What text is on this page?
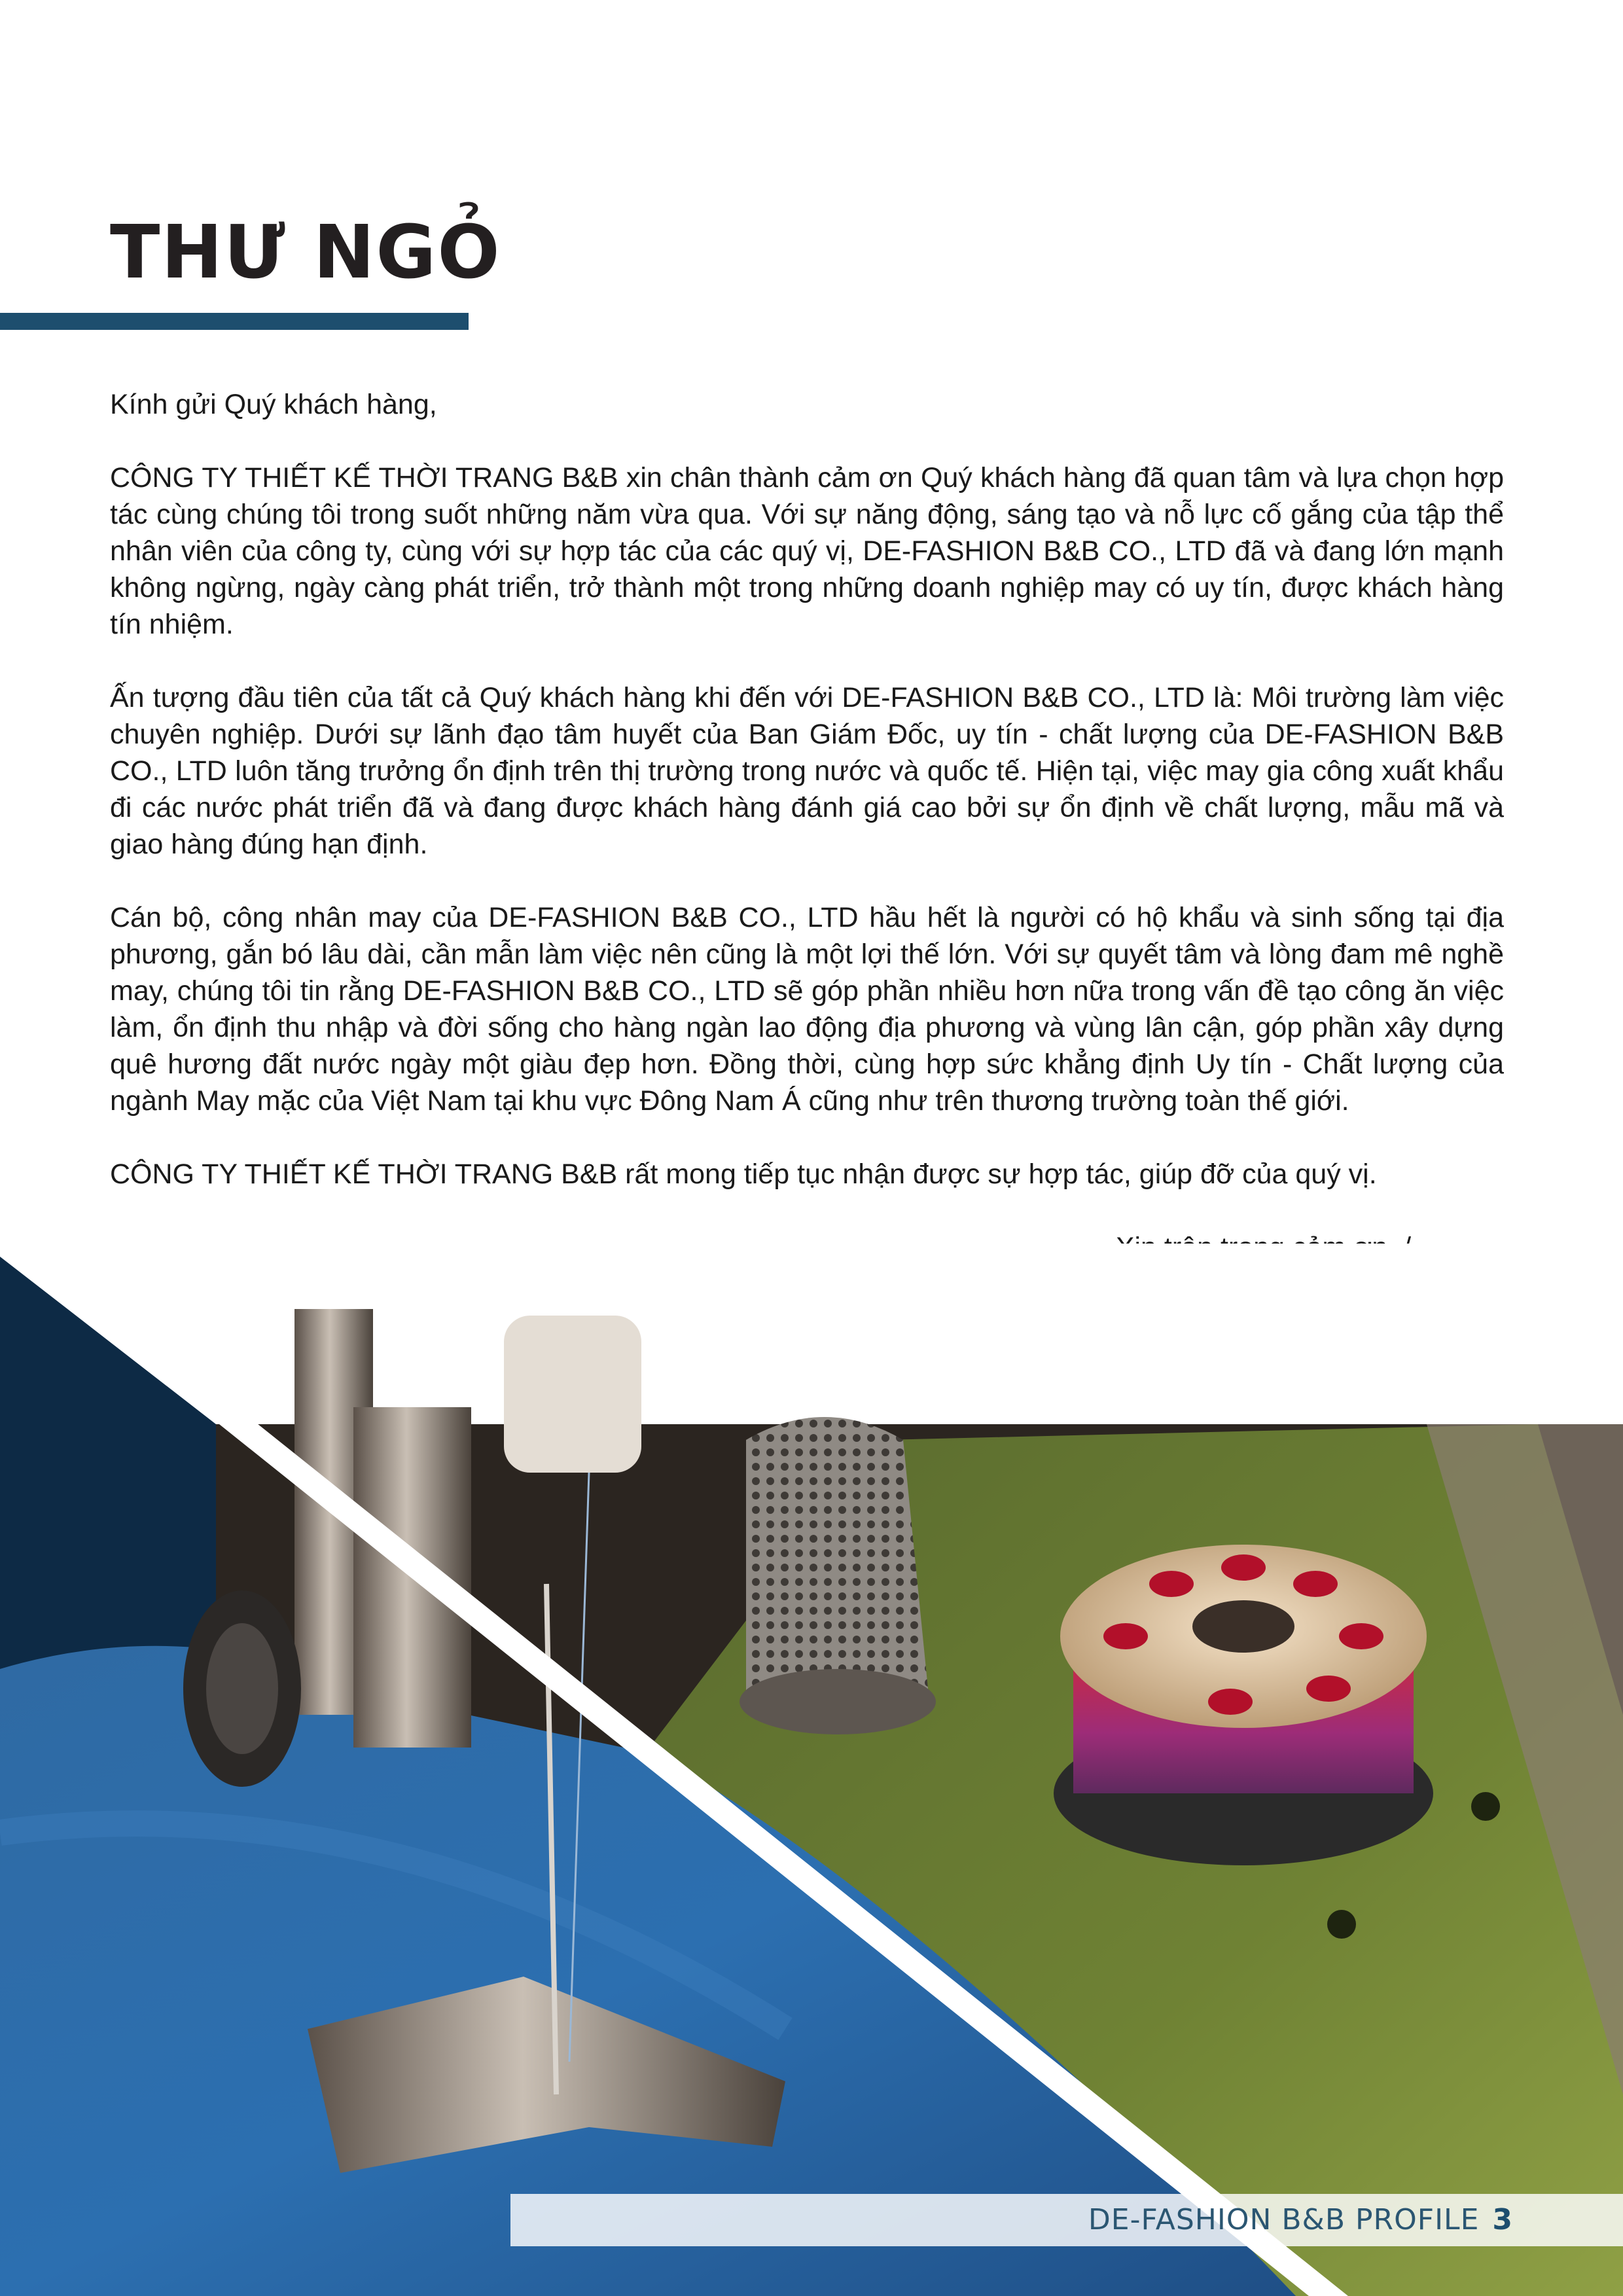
THƯ NGỎ

Kính gửi Quý khách hàng,

CÔNG TY THIẾT KẾ THỜI TRANG B&B xin chân thành cảm ơn Quý khách hàng đã quan tâm và lựa chọn hợp tác cùng chúng tôi trong suốt những năm vừa qua. Với sự năng động, sáng tạo và nỗ lực cố gắng của tập thể nhân viên của công ty, cùng với sự hợp tác của các quý vị, DE-FASHION B&B CO., LTD đã và đang lớn mạnh không ngừng, ngày càng phát triển, trở thành một trong những doanh nghiệp may có uy tín, được khách hàng tín nhiệm.

Ấn tượng đầu tiên của tất cả Quý khách hàng khi đến với DE-FASHION B&B CO., LTD là: Môi trường làm việc chuyên nghiệp. Dưới sự lãnh đạo tâm huyết của Ban Giám Đốc, uy tín - chất lượng của DE-FASHION B&B CO., LTD luôn tăng trưởng ổn định trên thị trường trong nước và quốc tế. Hiện tại, việc may gia công xuất khẩu đi các nước phát triển đã và đang được khách hàng đánh giá cao bởi sự ổn định về chất lượng, mẫu mã và giao hàng đúng hạn định.

Cán bộ, công nhân may của DE-FASHION B&B CO., LTD hầu hết là người có hộ khẩu và sinh sống tại địa phương, gắn bó lâu dài, cần mẫn làm việc nên cũng là một lợi thế lớn. Với sự quyết tâm và lòng đam mê nghề may, chúng tôi tin rằng DE-FASHION B&B CO., LTD sẽ góp phần nhiều hơn nữa trong vấn đề tạo công ăn việc làm, ổn định thu nhập và đời sống cho hàng ngàn lao động địa phương và vùng lân cận, góp phần xây dựng quê hương đất nước ngày một giàu đẹp hơn. Đồng thời, cùng hợp sức khẳng định Uy tín - Chất lượng của ngành May mặc của Việt Nam tại khu vực Đông Nam Á cũng như trên thương trường toàn thế giới.

CÔNG TY THIẾT KẾ THỜI TRANG B&B rất mong tiếp tục nhận được sự hợp tác, giúp đỡ của quý vị.

DE-FASHION B&B PROFILE 3
